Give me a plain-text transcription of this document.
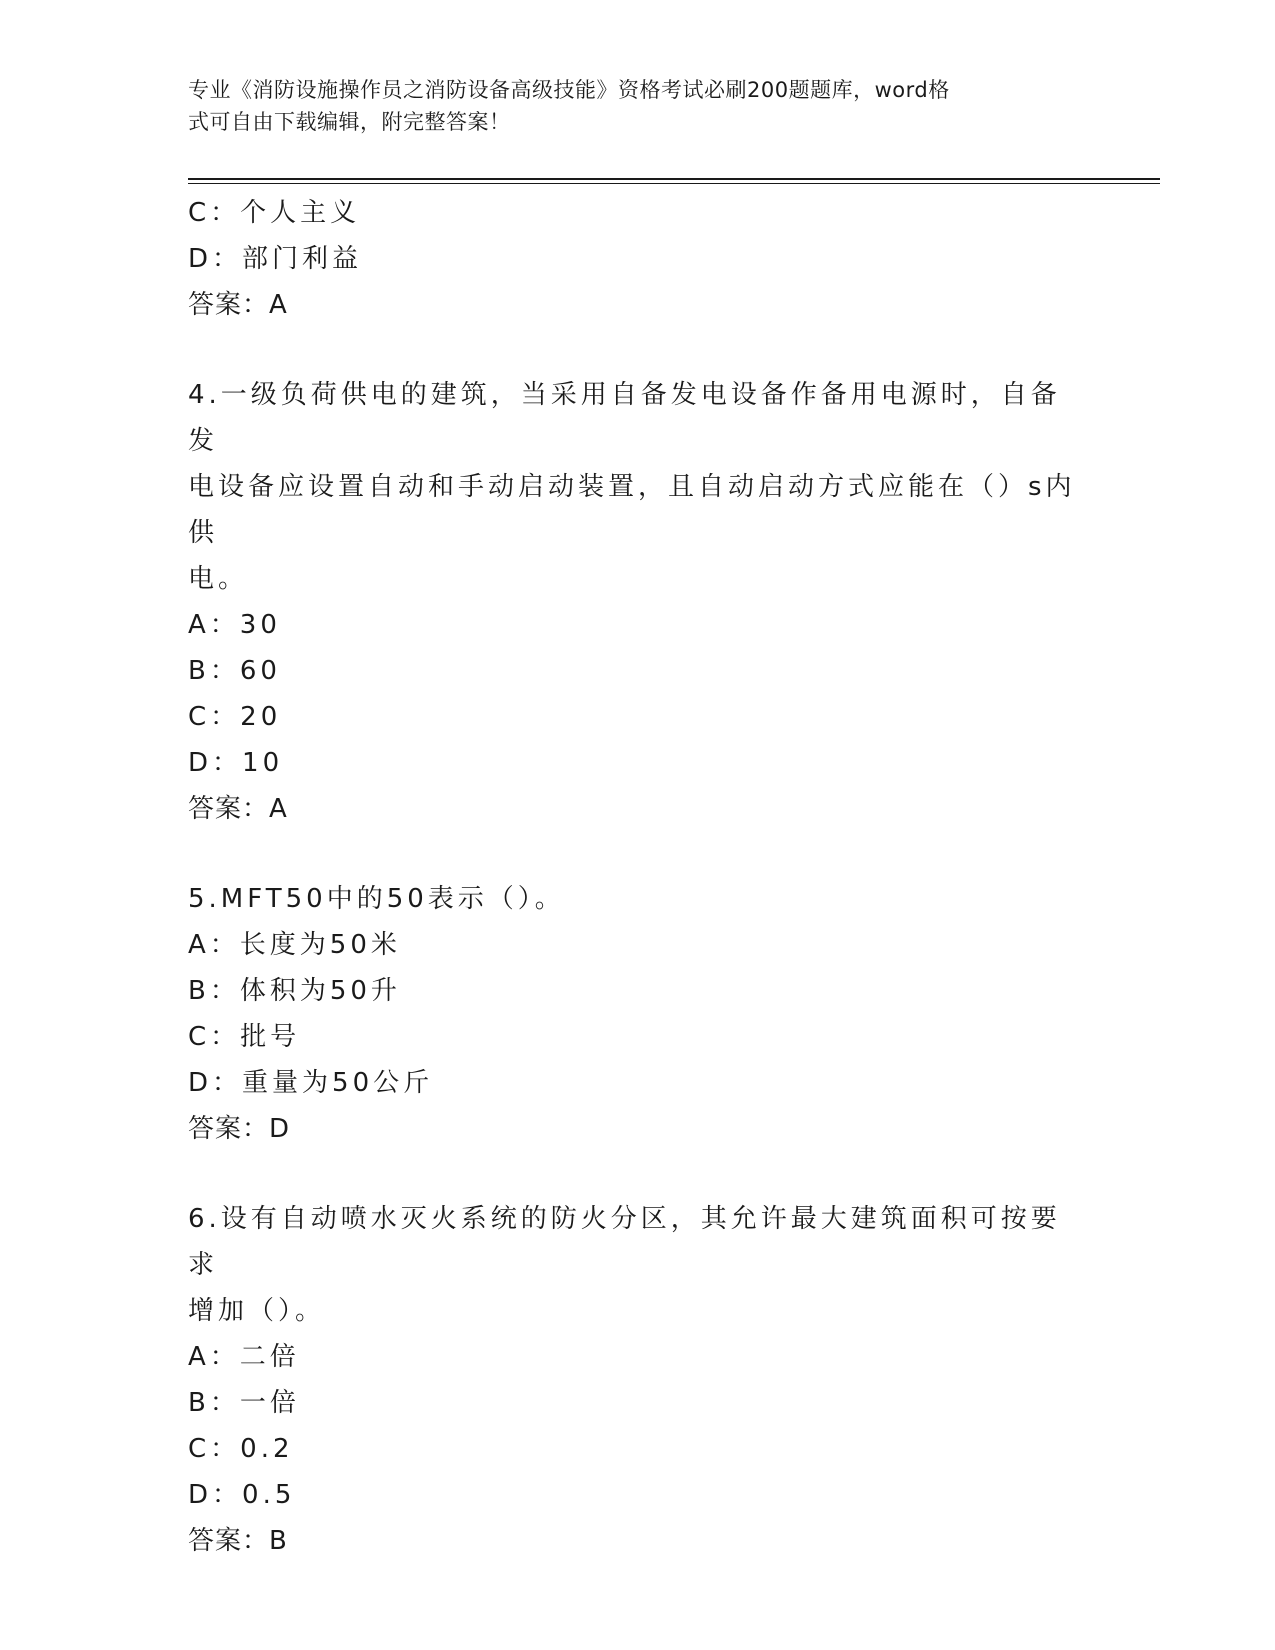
专业《消防设施操作员之消防设备高级技能》资格考试必刷200题题库，word格
式可自由下载编辑，附完整答案！
C：个人主义
D：部门利益
答案：A
4.一级负荷供电的建筑，当采用自备发电设备作备用电源时，自备发
电设备应设置自动和手动启动装置，且自动启动方式应能在（）s内供
电。
A：30
B：60
C：20
D：10
答案：A
5.MFT50中的50表示（）。
A：长度为50米
B：体积为50升
C：批号
D：重量为50公斤
答案：D
6.设有自动喷水灭火系统的防火分区，其允许最大建筑面积可按要求
增加（）。
A：二倍
B：一倍
C：0.2
D：0.5
答案：B
